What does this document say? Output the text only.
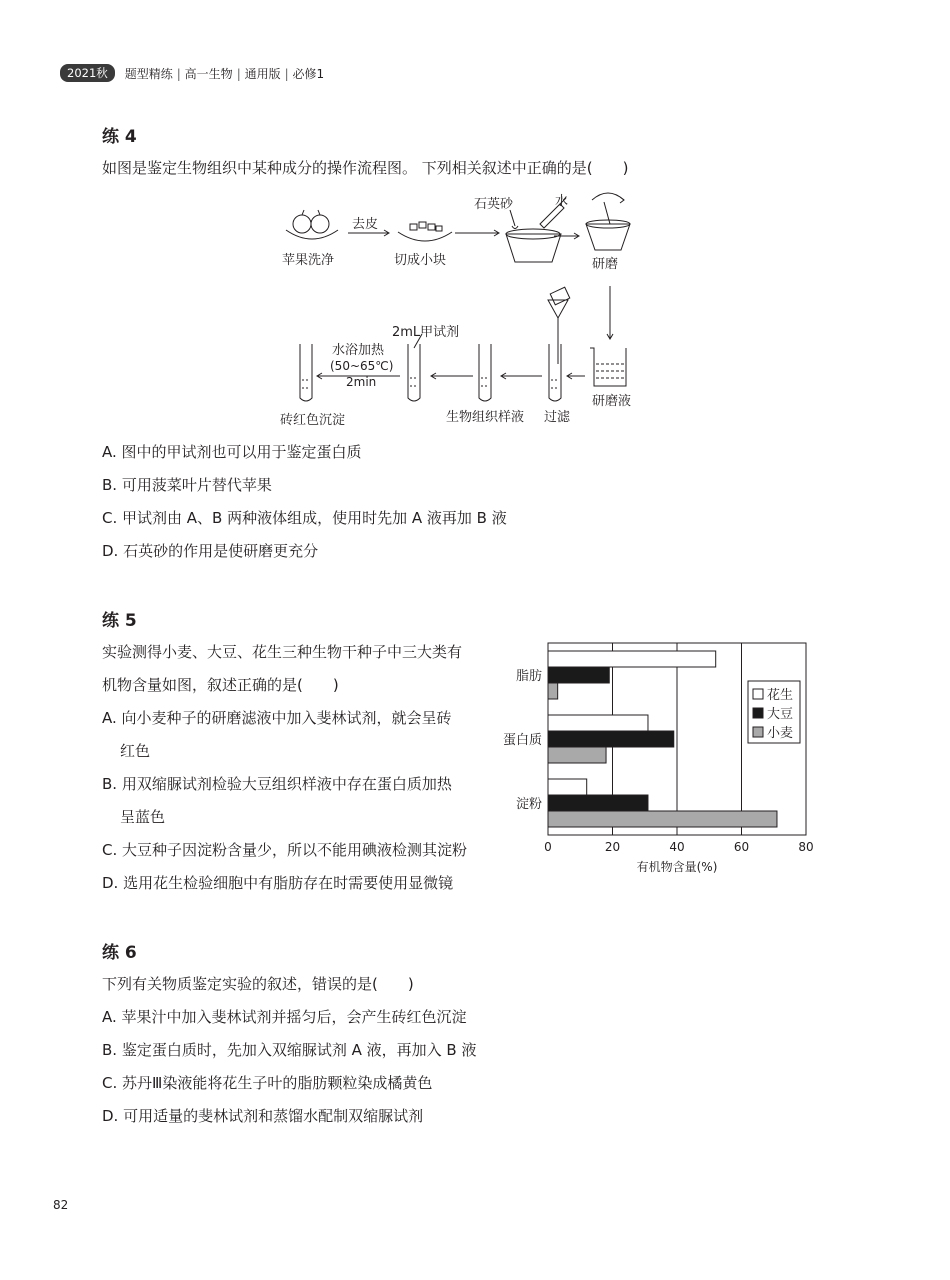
2021秋	题型精练 | 高一生物 | 通用版 | 必修1
练 4
如图是鉴定生物组织中某种成分的操作流程图。 下列相关叙述中正确的是(　　)
苹果洗净
去皮
切成小块
石英砂	水
研磨
研磨液
过滤
生物组织样液
2mL甲试剂
水浴加热
(50~65℃)
2min
砖红色沉淀
A. 图中的甲试剂也可以用于鉴定蛋白质
B. 可用菠菜叶片替代苹果
C. 甲试剂由 A、B 两种液体组成，使用时先加 A 液再加 B 液
D. 石英砂的作用是使研磨更充分
练 5
实验测得小麦、大豆、花生三种生物干种子中三大类有
机物含量如图，叙述正确的是(　　)
A. 向小麦种子的研磨滤液中加入斐林试剂，就会呈砖
红色
B. 用双缩脲试剂检验大豆组织样液中存在蛋白质加热
呈蓝色
C. 大豆种子因淀粉含量少，所以不能用碘液检测其淀粉
D. 选用花生检验细胞中有脂肪存在时需要使用显微镜
0	20	40	60	80
脂肪
蛋白质
淀粉
有机物含量(%)
花生
大豆
小麦
练 6
下列有关物质鉴定实验的叙述，错误的是(　　)
A. 苹果汁中加入斐林试剂并摇匀后，会产生砖红色沉淀
B. 鉴定蛋白质时，先加入双缩脲试剂 A 液，再加入 B 液
C. 苏丹Ⅲ染液能将花生子叶的脂肪颗粒染成橘黄色
D. 可用适量的斐林试剂和蒸馏水配制双缩脲试剂
82
